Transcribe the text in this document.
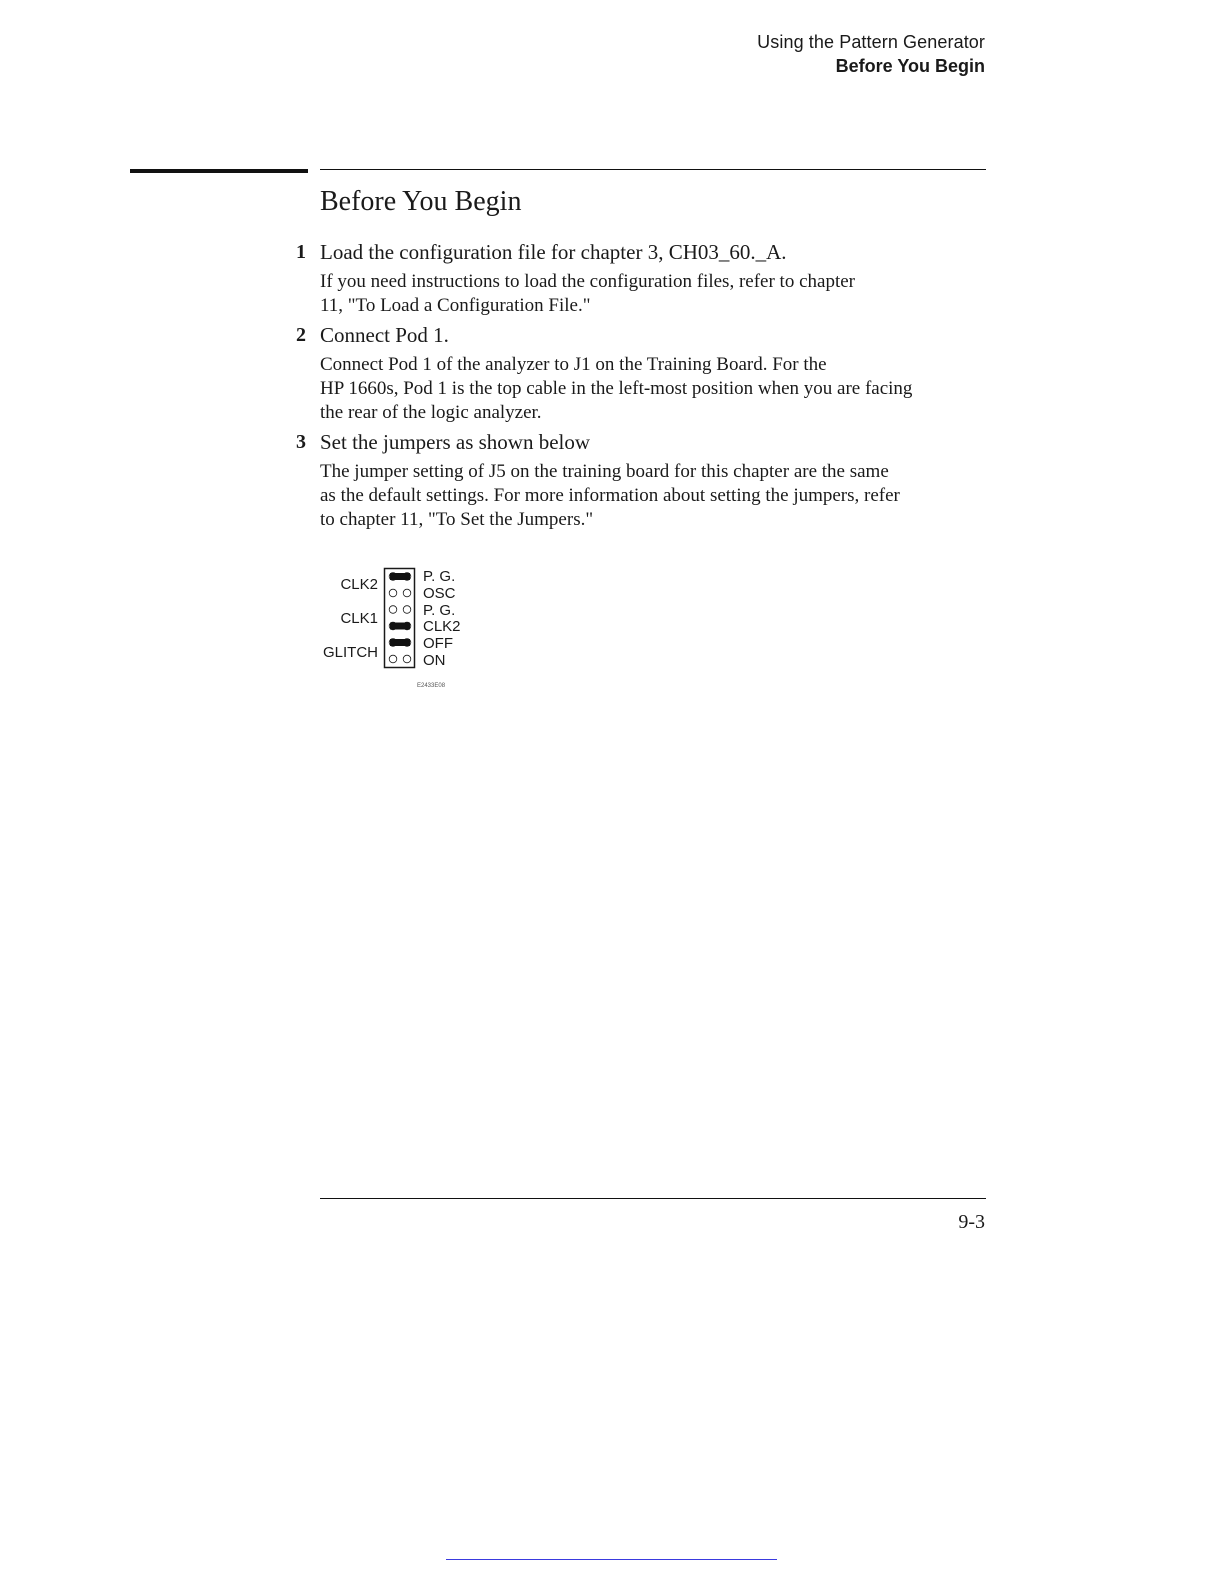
Using the Pattern Generator
Before You Begin
Before You Begin
1 Load the configuration file for chapter 3, CH03_60._A.
If you need instructions to load the configuration files, refer to chapter
11, "To Load a Configuration File."
2 Connect Pod 1.
Connect Pod 1 of the analyzer to J1 on the Training Board. For the
HP 1660s, Pod 1 is the top cable in the left-most position when you are facing
the rear of the logic analyzer.
3 Set the jumpers as shown below
The jumper setting of J5 on the training board for this chapter are the same
as the default settings. For more information about setting the jumpers, refer
to chapter 11, "To Set the Jumpers."
CLK2
CLK1
GLITCH
P. G.
OSC
P. G.
CLK2
OFF
ON
E2433E08
9-3
